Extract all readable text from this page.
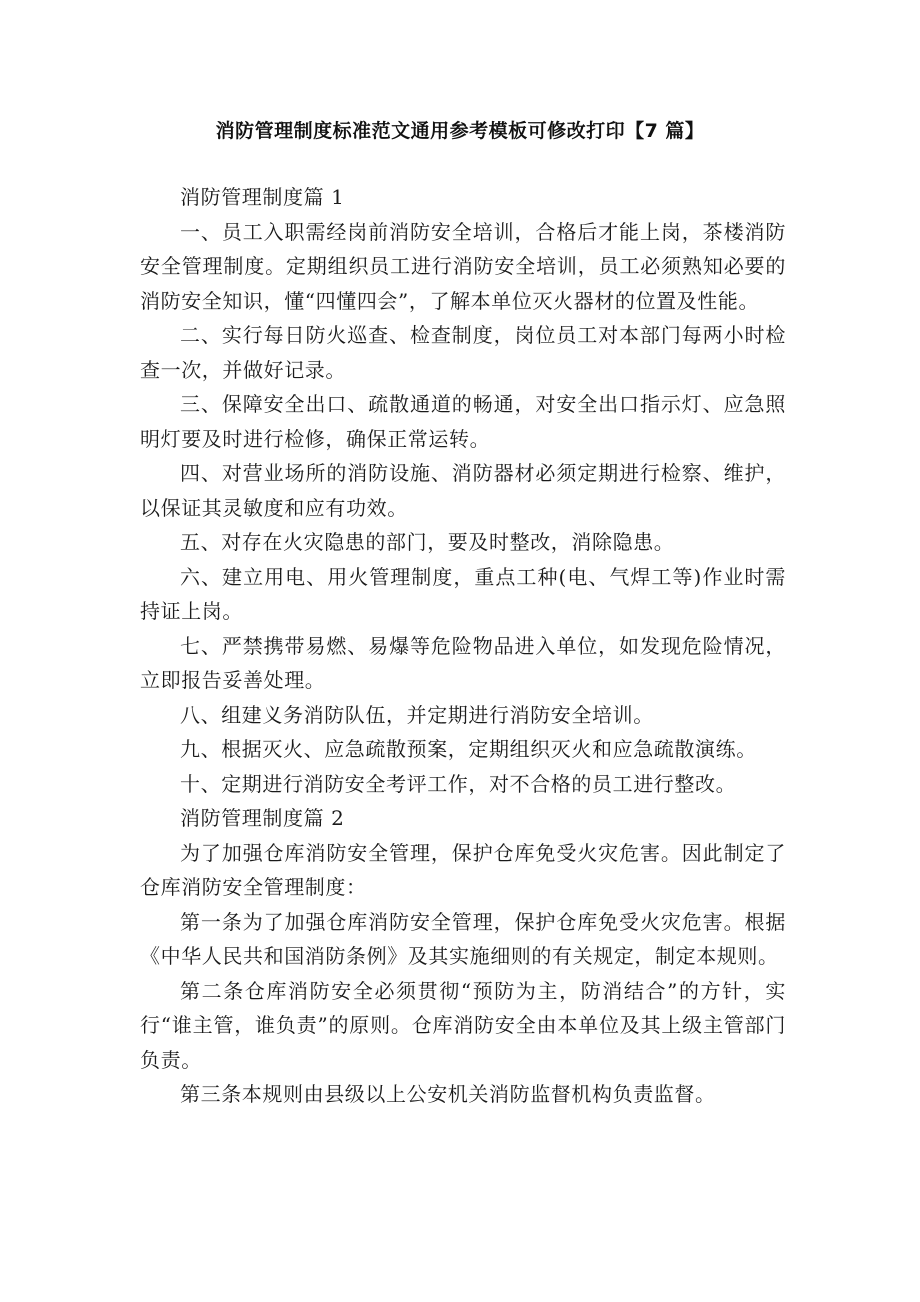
消防管理制度标准范文通用参考模板可修改打印【7 篇】

消防管理制度篇 1

一、员工入职需经岗前消防安全培训，合格后才能上岗，茶楼消防安全管理制度。定期组织员工进行消防安全培训，员工必须熟知必要的消防安全知识，懂“四懂四会”，了解本单位灭火器材的位置及性能。

二、实行每日防火巡查、检查制度，岗位员工对本部门每两小时检查一次，并做好记录。

三、保障安全出口、疏散通道的畅通，对安全出口指示灯、应急照明灯要及时进行检修，确保正常运转。

四、对营业场所的消防设施、消防器材必须定期进行检察、维护，以保证其灵敏度和应有功效。

五、对存在火灾隐患的部门，要及时整改，消除隐患。

六、建立用电、用火管理制度，重点工种(电、气焊工等)作业时需持证上岗。

七、严禁携带易燃、易爆等危险物品进入单位，如发现危险情况，立即报告妥善处理。

八、组建义务消防队伍，并定期进行消防安全培训。

九、根据灭火、应急疏散预案，定期组织灭火和应急疏散演练。

十、定期进行消防安全考评工作，对不合格的员工进行整改。

消防管理制度篇 2

为了加强仓库消防安全管理，保护仓库免受火灾危害。因此制定了仓库消防安全管理制度：

第一条为了加强仓库消防安全管理，保护仓库免受火灾危害。根据《中华人民共和国消防条例》及其实施细则的有关规定，制定本规则。

第二条仓库消防安全必须贯彻“预防为主，防消结合”的方针，实行“谁主管，谁负责”的原则。仓库消防安全由本单位及其上级主管部门负责。

第三条本规则由县级以上公安机关消防监督机构负责监督。
